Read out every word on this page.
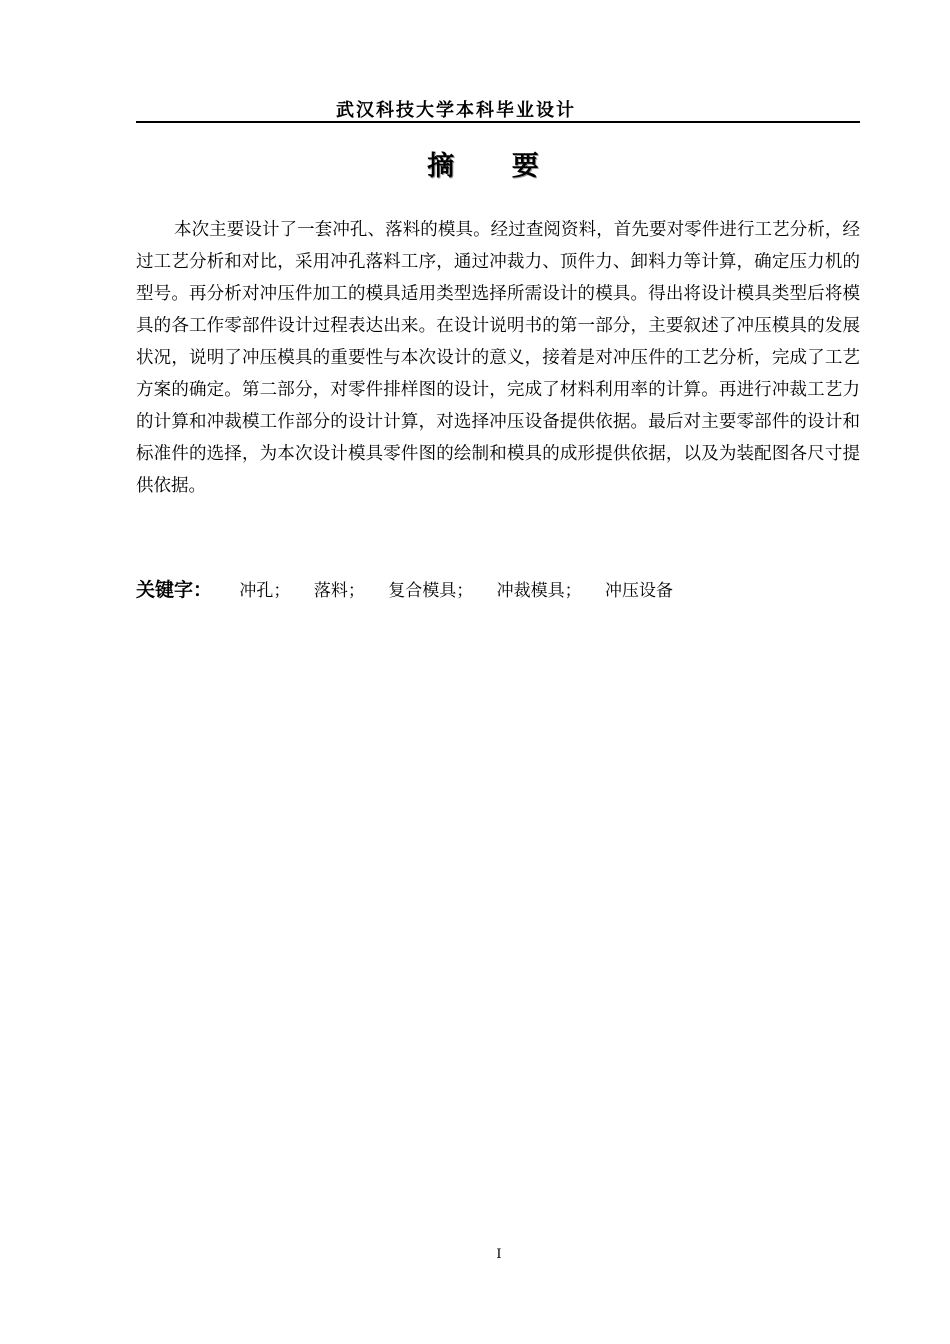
武汉科技大学本科毕业设计
摘 要

本次主要设计了一套冲孔、落料的模具。经过查阅资料，首先要对零件进行工艺分析，经过工艺分析和对比，采用冲孔落料工序，通过冲裁力、顶件力、卸料力等计算，确定压力机的型号。再分析对冲压件加工的模具适用类型选择所需设计的模具。得出将设计模具类型后将模具的各工作零部件设计过程表达出来。在设计说明书的第一部分，主要叙述了冲压模具的发展状况，说明了冲压模具的重要性与本次设计的意义，接着是对冲压件的工艺分析，完成了工艺方案的确定。第二部分，对零件排样图的设计，完成了材料利用率的计算。再进行冲裁工艺力的计算和冲裁模工作部分的设计计算，对选择冲压设备提供依据。最后对主要零部件的设计和标准件的选择，为本次设计模具零件图的绘制和模具的成形提供依据，以及为装配图各尺寸提供依据。

关键字： 冲孔； 落料； 复合模具； 冲裁模具； 冲压设备
I
